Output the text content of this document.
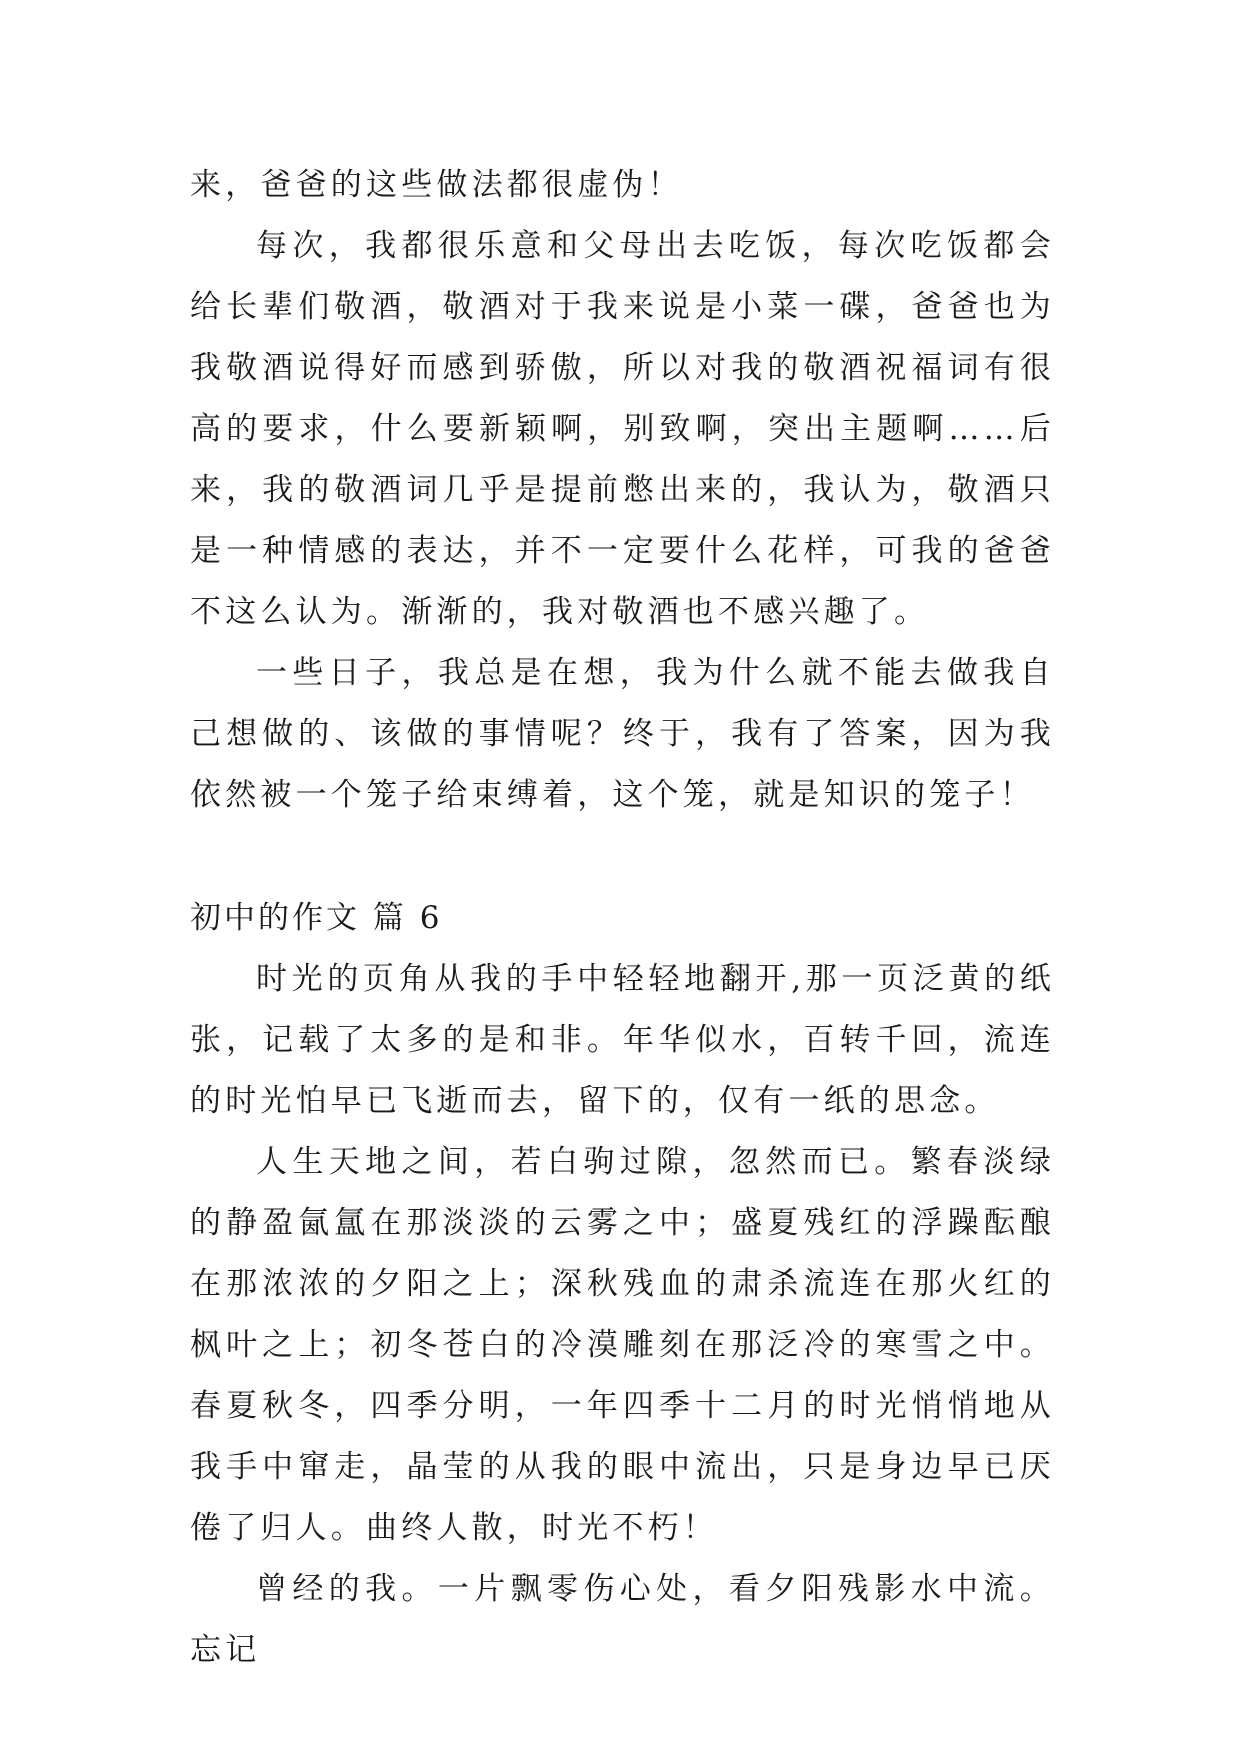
来，爸爸的这些做法都很虚伪！

每次，我都很乐意和父母出去吃饭，每次吃饭都会给长辈们敬酒，敬酒对于我来说是小菜一碟，爸爸也为我敬酒说得好而感到骄傲，所以对我的敬酒祝福词有很高的要求，什么要新颖啊，别致啊，突出主题啊……后来，我的敬酒词几乎是提前憋出来的，我认为，敬酒只是一种情感的表达，并不一定要什么花样，可我的爸爸不这么认为。渐渐的，我对敬酒也不感兴趣了。

一些日子，我总是在想，我为什么就不能去做我自己想做的、该做的事情呢？终于，我有了答案，因为我依然被一个笼子给束缚着，这个笼，就是知识的笼子！

初中的作文 篇 6

时光的页角从我的手中轻轻地翻开,那一页泛黄的纸张，记载了太多的是和非。年华似水，百转千回，流连的时光怕早已飞逝而去，留下的，仅有一纸的思念。

人生天地之间，若白驹过隙，忽然而已。繁春淡绿的静盈氤氲在那淡淡的云雾之中；盛夏残红的浮躁酝酿在那浓浓的夕阳之上；深秋残血的肃杀流连在那火红的枫叶之上；初冬苍白的冷漠雕刻在那泛冷的寒雪之中。春夏秋冬，四季分明，一年四季十二月的时光悄悄地从我手中窜走，晶莹的从我的眼中流出，只是身边早已厌倦了归人。曲终人散，时光不朽！

曾经的我。一片飘零伤心处，看夕阳残影水中流。忘记
